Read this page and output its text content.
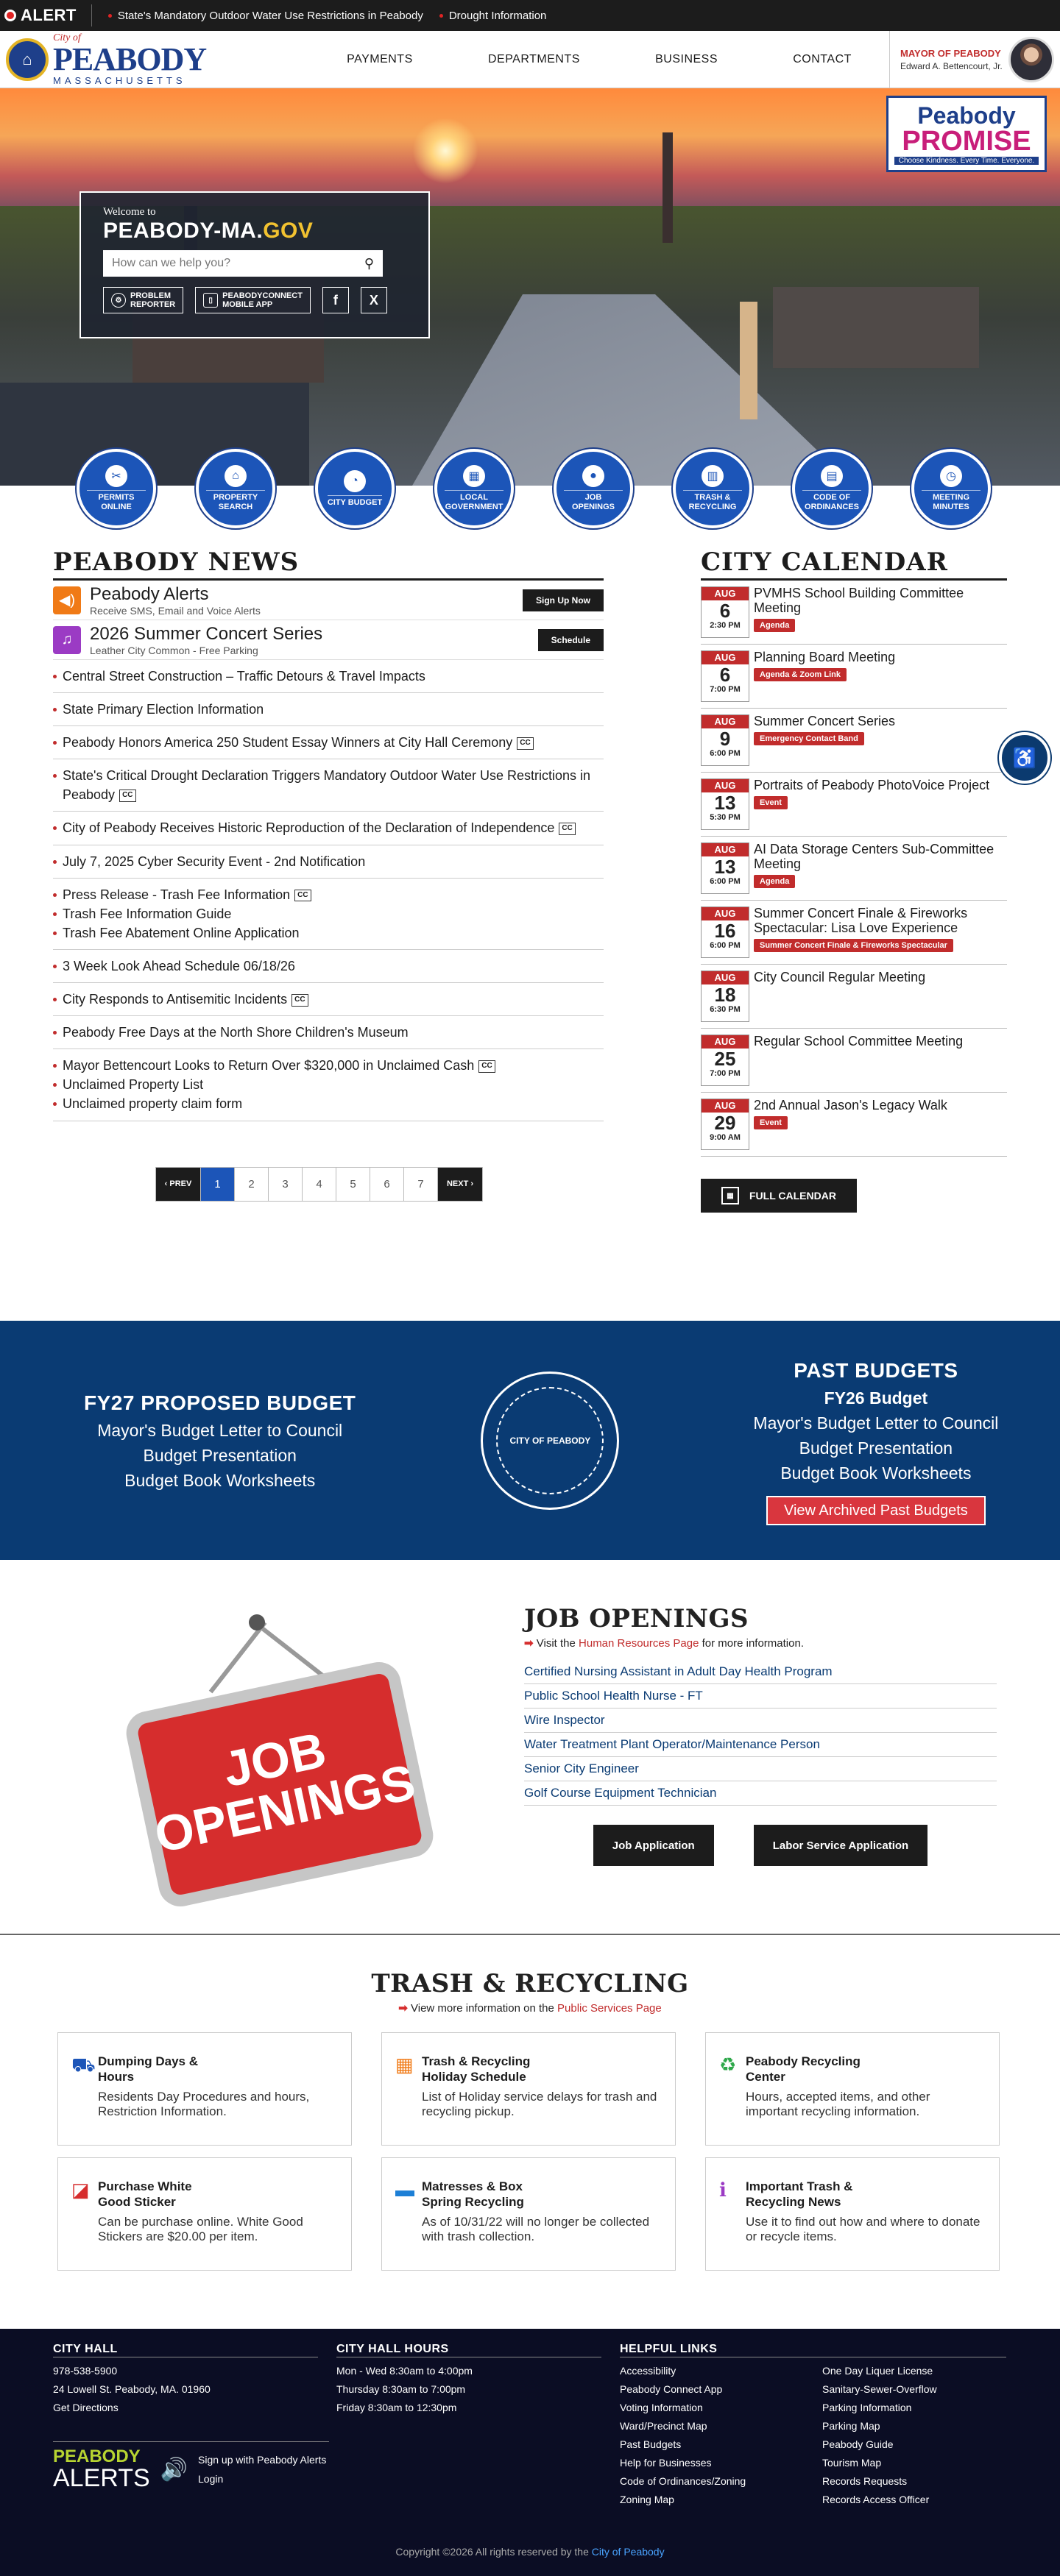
ALERT	State's Mandatory Outdoor Water Use Restrictions in Peabody	Drought Information
⌂
City of
PEABODY
MASSACHUSETTS
PAYMENTS	DEPARTMENTS	BUSINESS	CONTACT	MAYOR OF PEABODY
Edward A. Bettencourt, Jr.
Peabody
PROMISE
Choose Kindness. Every Time. Everyone.
Welcome to
PEABODY-MA.GOV
How can we help you?
⚲
⚙
PROBLEM
REPORTER	▯
PEABODYCONNECT
MOBILE APP	f	X
✂
PERMITS ONLINE
⌂
PROPERTY SEARCH
◔
CITY BUDGET
▦
LOCAL GOVERNMENT
●
JOB OPENINGS
▥
TRASH & RECYCLING
▤
CODE OF ORDINANCES
◷
MEETING MINUTES
PEABODY NEWS
◀) Peabody Alerts
Receive SMS, Email and Voice Alerts
Sign Up Now
♫ 2026 Summer Concert Series
Leather City Common - Free Parking
Schedule
Central Street Construction – Traffic Detours & Travel Impacts
State Primary Election Information
Peabody Honors America 250 Student Essay Winners at City Hall Ceremony CC
State's Critical Drought Declaration Triggers Mandatory Outdoor Water Use Restrictions in Peabody CC
City of Peabody Receives Historic Reproduction of the Declaration of Independence CC
July 7, 2025 Cyber Security Event - 2nd Notification
Press Release - Trash Fee Information CC
Trash Fee Information Guide
Trash Fee Abatement Online Application
3 Week Look Ahead Schedule 06/18/26
City Responds to Antisemitic Incidents CC
Peabody Free Days at the North Shore Children's Museum
Mayor Bettencourt Looks to Return Over $320,000 in Unclaimed Cash CC
Unclaimed Property List
Unclaimed property claim form
‹ PREV	1	2	3	4	5	6	7	NEXT ›
CITY CALENDAR
AUG
6
2:30 PM
PVMHS School Building Committee Meeting
Agenda
AUG
6
7:00 PM
Planning Board Meeting
Agenda & Zoom Link
AUG
9
6:00 PM
Summer Concert Series
Emergency Contact Band
AUG
13
5:30 PM
Portraits of Peabody PhotoVoice Project
Event
AUG
13
6:00 PM
AI Data Storage Centers Sub-Committee Meeting
Agenda
AUG
16
6:00 PM
Summer Concert Finale & Fireworks Spectacular: Lisa Love Experience
Summer Concert Finale & Fireworks Spectacular
AUG
18
6:30 PM
City Council Regular Meeting
AUG
25
7:00 PM
Regular School Committee Meeting
AUG
29
9:00 AM
2nd Annual Jason's Legacy Walk
Event
▦	FULL CALENDAR
♿
FY27 PROPOSED BUDGET
Mayor's Budget Letter to Council
Budget Presentation
Budget Book Worksheets
CITY OF PEABODY
PAST BUDGETS
FY26 Budget
Mayor's Budget Letter to Council
Budget Presentation
Budget Book Worksheets
View Archived Past Budgets
JOB OPENINGS
JOB OPENINGS
➡ Visit the Human Resources Page for more information.
Certified Nursing Assistant in Adult Day Health Program
Public School Health Nurse - FT
Wire Inspector
Water Treatment Plant Operator/Maintenance Person
Senior City Engineer
Golf Course Equipment Technician
Job Application	Labor Service Application
TRASH & RECYCLING
➡ View more information on the Public Services Page
⛟ Dumping Days & Hours
Residents Day Procedures and hours, Restriction Information.
▦ Trash & Recycling Holiday Schedule
List of Holiday service delays for trash and recycling pickup.
♻ Peabody Recycling Center
Hours, accepted items, and other important recycling information.
◪ Purchase White Good Sticker
Can be purchase online. White Good Stickers are $20.00 per item.
▬ Matresses & Box Spring Recycling
As of 10/31/22 will no longer be collected with trash collection.
ℹ	Important Trash & Recycling News
Use it to find out how and where to donate or recycle items.
CITY HALL
978-538-5900
24 Lowell St. Peabody, MA. 01960
Get Directions
CITY HALL HOURS
Mon - Wed 8:30am to 4:00pm
Thursday 8:30am to 7:00pm
Friday 8:30am to 12:30pm
HELPFUL LINKS
Accessibility	One Day Liquer License
Peabody Connect App	Sanitary-Sewer-Overflow
Voting Information	Parking Information
Ward/Precinct Map	Parking Map
Past Budgets	Peabody Guide
Help for Businesses	Tourism Map
Code of Ordinances/Zoning	Records Requests
Zoning Map	Records Access Officer
PEABODY
ALERTS 🔊 Sign up with Peabody Alerts
Login
Copyright ©2026 All rights reserved by the City of Peabody
